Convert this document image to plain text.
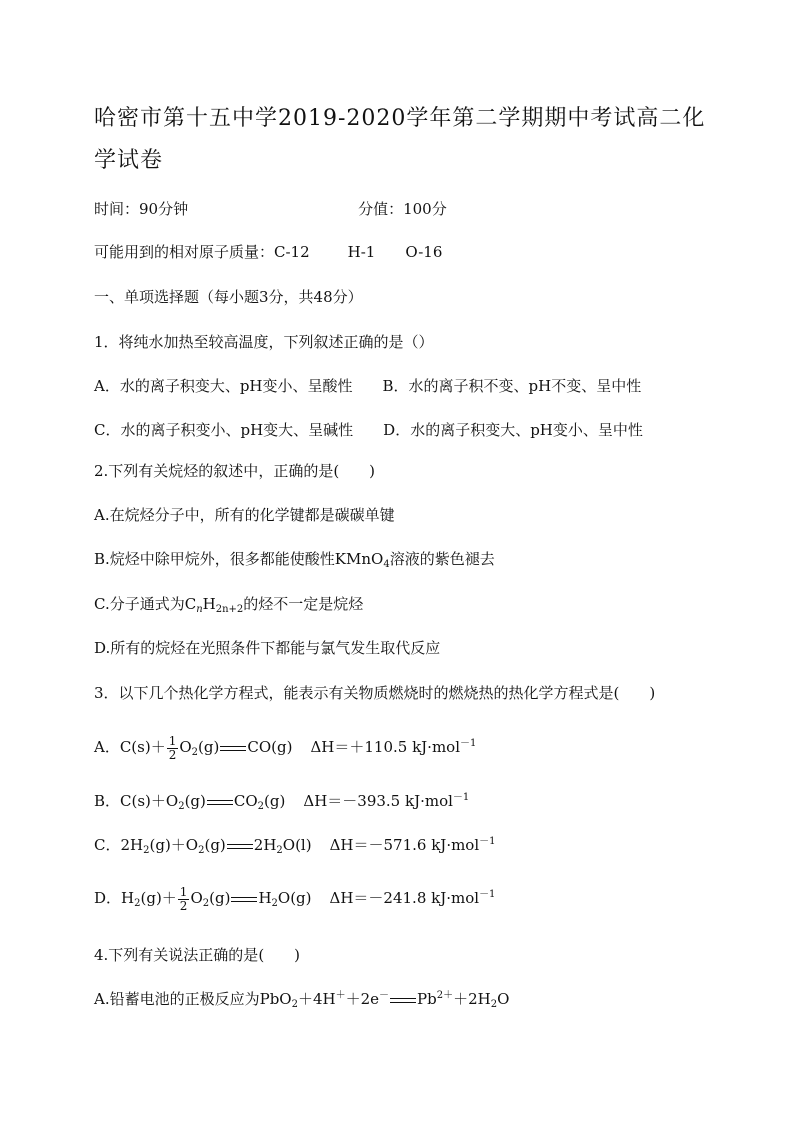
哈密市第十五中学2019-2020学年第二学期期中考试高二化学试卷
时间：90分钟	分值：100分
可能用到的相对原子质量：C-12	H-1 O-16
一、单项选择题（每小题3分，共48分）
1．将纯水加热至较高温度，下列叙述正确的是（）
A．水的离子积变大、pH变小、呈酸性 B．水的离子积不变、pH不变、呈中性
C．水的离子积变小、pH变大、呈碱性 D．水的离子积变大、pH变小、呈中性
2.下列有关烷烃的叙述中，正确的是(　　)
A.在烷烃分子中，所有的化学键都是碳碳单键
B.烷烃中除甲烷外，很多都能使酸性KMnO$_4$溶液的紫色褪去
C.分子通式为$C_nH_{2n+2}$的烃不一定是烷烃
D.所有的烷烃在光照条件下都能与氯气发生取代反应
3．以下几个热化学方程式，能表示有关物质燃烧时的燃烧热的热化学方程式是(　　)
A．$C(s)+ \frac{1}{2} O_2(g)$ CO(g) ΔH＝＋110.5 kJ·mol$^{-1}$
B．$C(s)+O_2(g)$ $CO_2(g)$ ΔH＝－393.5 kJ·mol$^{-1}$
C．$2H_2(g)+O_2(g)$ $2H_2O(l)$ ΔH＝－571.6 kJ·mol$^{-1}$
D．$H_2(g)+ \frac{1}{2} O_2(g)$ $H_2O(g)$ ΔH＝－241.8 kJ·mol$^{-1}$
4.下列有关说法正确的是(　　)
A.铅蓄电池的正极反应为PbO$_2$＋4H＋＋2e－ $Pb^{2+}+2H_2O$
